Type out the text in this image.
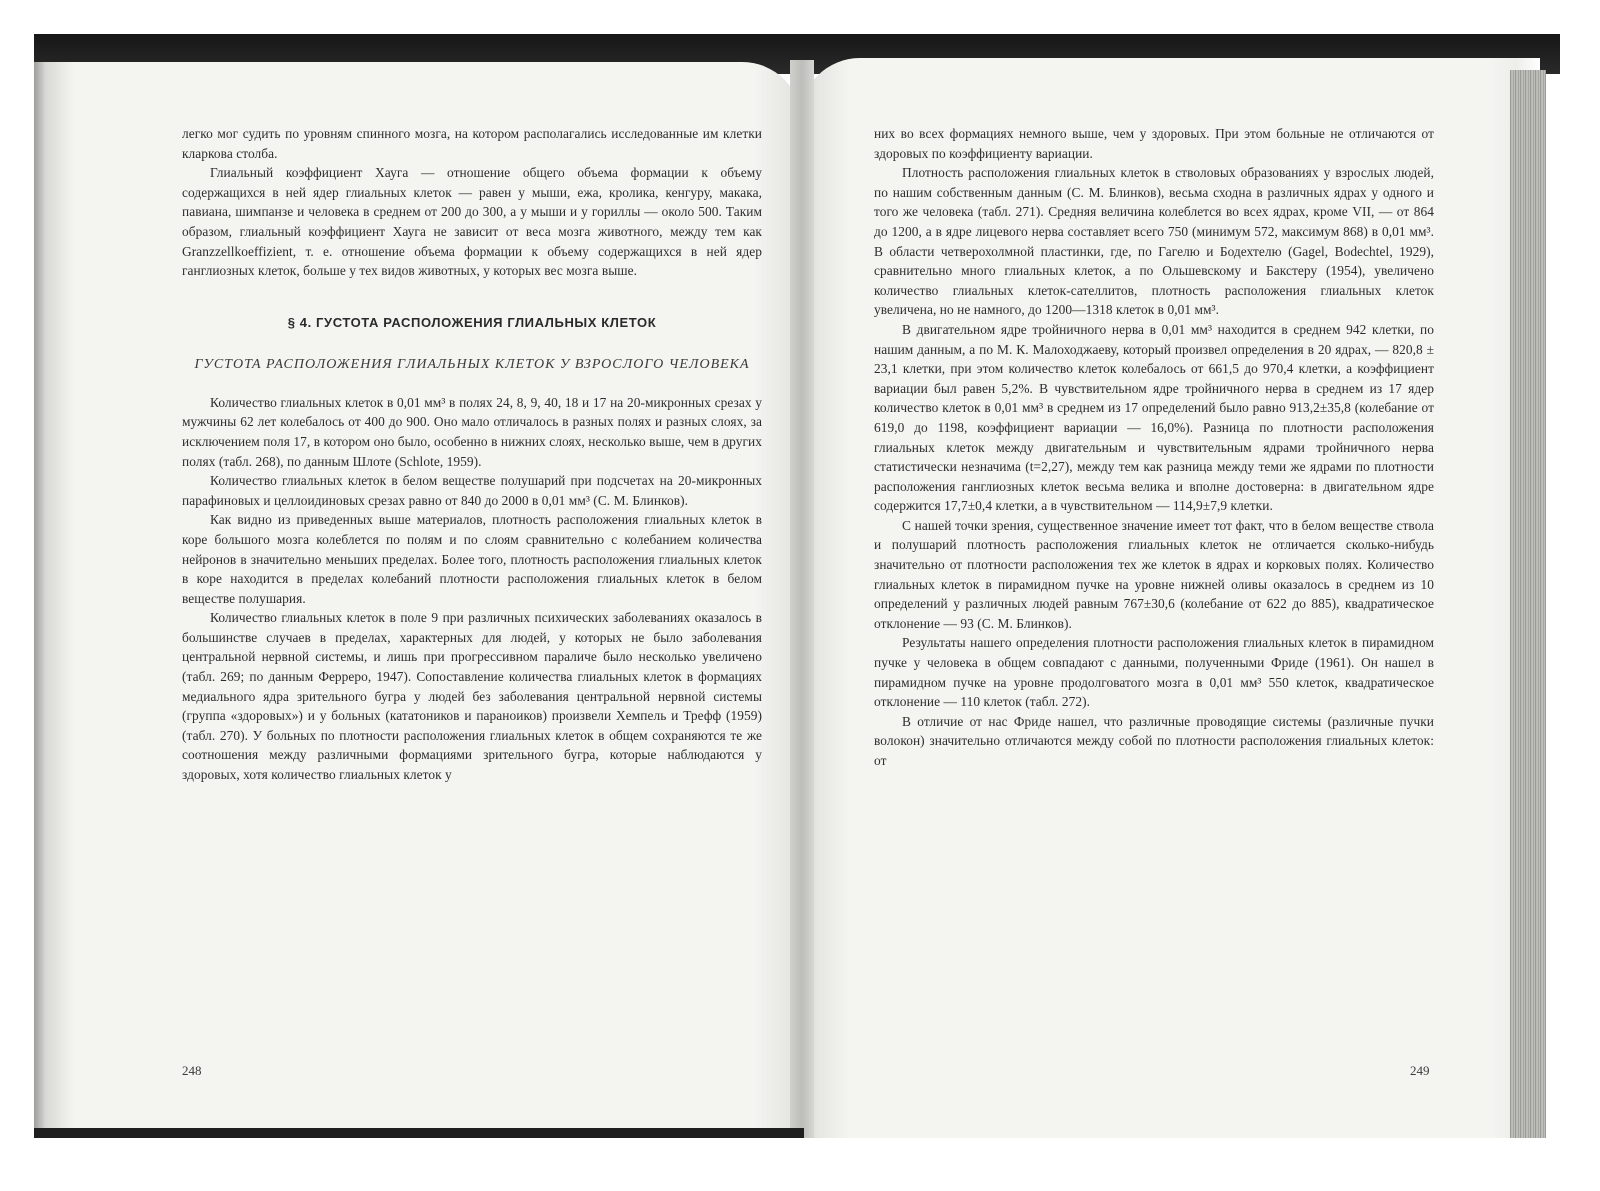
легко мог судить по уровням спинного мозга, на котором располагались исследованные им клетки кларкова столба.

Глиальный коэффициент Хауга — отношение общего объема формации к объему содержащихся в ней ядер глиальных клеток — равен у мыши, ежа, кролика, кенгуру, макака, павиана, шимпанзе и человека в среднем от 200 до 300, а у мыши и у гориллы — около 500. Таким образом, глиальный коэффициент Хауга не зависит от веса мозга животного, между тем как Granzzellkoeffizient, т. е. отношение объема формации к объему содержащихся в ней ядер ганглиозных клеток, больше у тех видов животных, у которых вес мозга выше.

§ 4. ГУСТОТА РАСПОЛОЖЕНИЯ ГЛИАЛЬНЫХ КЛЕТОК
ГУСТОТА РАСПОЛОЖЕНИЯ ГЛИАЛЬНЫХ КЛЕТОК У ВЗРОСЛОГО ЧЕЛОВЕКА

Количество глиальных клеток в 0,01 мм³ в полях 24, 8, 9, 40, 18 и 17 на 20-микронных срезах у мужчины 62 лет колебалось от 400 до 900. Оно мало отличалось в разных полях и разных слоях, за исключением поля 17, в котором оно было, особенно в нижних слоях, несколько выше, чем в других полях (табл. 268), по данным Шлоте (Schlote, 1959).

Количество глиальных клеток в белом веществе полушарий при подсчетах на 20-микронных парафиновых и целлоидиновых срезах равно от 840 до 2000 в 0,01 мм³ (С. М. Блинков).

Как видно из приведенных выше материалов, плотность расположения глиальных клеток в коре большого мозга колеблется по полям и по слоям сравнительно с колебанием количества нейронов в значительно меньших пределах. Более того, плотность расположения глиальных клеток в коре находится в пределах колебаний плотности расположения глиальных клеток в белом веществе полушария.

Количество глиальных клеток в поле 9 при различных психических заболеваниях оказалось в большинстве случаев в пределах, характерных для людей, у которых не было заболевания центральной нервной системы, и лишь при прогрессивном параличе было несколько увеличено (табл. 269; по данным Ферреро, 1947). Сопоставление количества глиальных клеток в формациях медиального ядра зрительного бугра у людей без заболевания центральной нервной системы (группа «здоровых») и у больных (кататоников и параноиков) произвели Хемпель и Трефф (1959) (табл. 270). У больных по плотности расположения глиальных клеток в общем сохраняются те же соотношения между различными формациями зрительного бугра, которые наблюдаются у здоровых, хотя количество глиальных клеток у

248

них во всех формациях немного выше, чем у здоровых. При этом больные не отличаются от здоровых по коэффициенту вариации.

Плотность расположения глиальных клеток в стволовых образованиях у взрослых людей, по нашим собственным данным (С. М. Блинков), весьма сходна в различных ядрах у одного и того же человека (табл. 271). Средняя величина колеблется во всех ядрах, кроме VII, — от 864 до 1200, а в ядре лицевого нерва составляет всего 750 (минимум 572, максимум 868) в 0,01 мм³. В области четверохолмной пластинки, где, по Гагелю и Бодехтелю (Gagel, Bodechtel, 1929), сравнительно много глиальных клеток, а по Ольшевскому и Бакстеру (1954), увеличено количество глиальных клеток-сателлитов, плотность расположения глиальных клеток увеличена, но не намного, до 1200—1318 клеток в 0,01 мм³.

В двигательном ядре тройничного нерва в 0,01 мм³ находится в среднем 942 клетки, по нашим данным, а по М. К. Малоходжаеву, который произвел определения в 20 ядрах, — 820,8 ± 23,1 клетки, при этом количество клеток колебалось от 661,5 до 970,4 клетки, а коэффициент вариации был равен 5,2%. В чувствительном ядре тройничного нерва в среднем из 17 ядер количество клеток в 0,01 мм³ в среднем из 17 определений было равно 913,2±35,8 (колебание от 619,0 до 1198, коэффициент вариации — 16,0%). Разница по плотности расположения глиальных клеток между двигательным и чувствительным ядрами тройничного нерва статистически незначима (t=2,27), между тем как разница между теми же ядрами по плотности расположения ганглиозных клеток весьма велика и вполне достоверна: в двигательном ядре содержится 17,7±0,4 клетки, а в чувствительном — 114,9±7,9 клетки.

С нашей точки зрения, существенное значение имеет тот факт, что в белом веществе ствола и полушарий плотность расположения глиальных клеток не отличается сколько-нибудь значительно от плотности расположения тех же клеток в ядрах и корковых полях. Количество глиальных клеток в пирамидном пучке на уровне нижней оливы оказалось в среднем из 10 определений у различных людей равным 767±30,6 (колебание от 622 до 885), квадратическое отклонение — 93 (С. М. Блинков).

Результаты нашего определения плотности расположения глиальных клеток в пирамидном пучке у человека в общем совпадают с данными, полученными Фриде (1961). Он нашел в пирамидном пучке на уровне продолговатого мозга в 0,01 мм³ 550 клеток, квадратическое отклонение — 110 клеток (табл. 272).

В отличие от нас Фриде нашел, что различные проводящие системы (различные пучки волокон) значительно отличаются между собой по плотности расположения глиальных клеток: от

249
